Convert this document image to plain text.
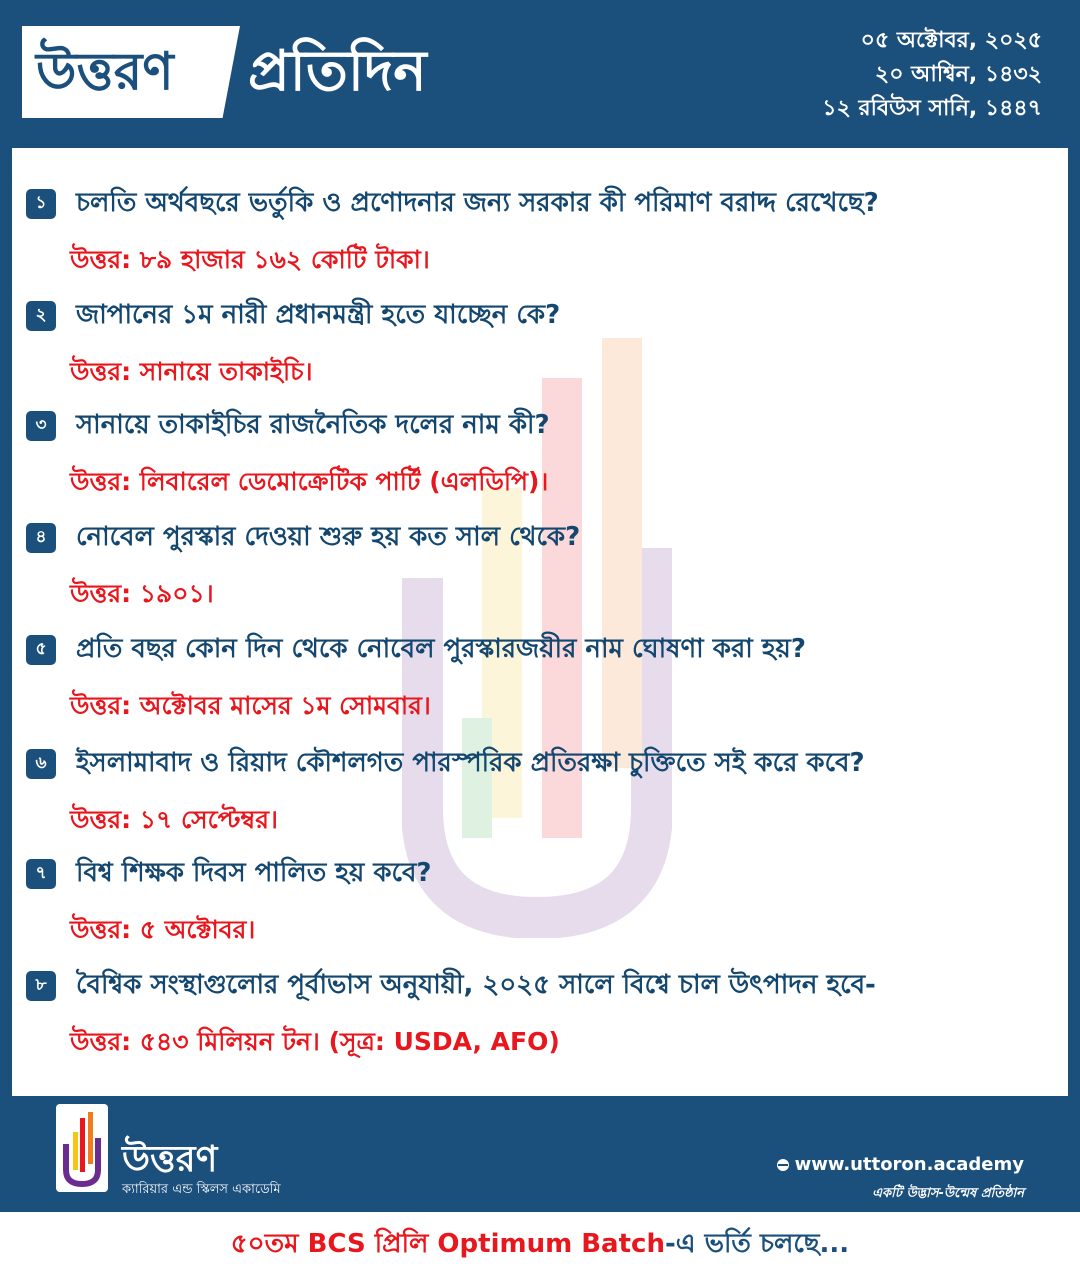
উত্তরণ প্রতিদিন	০৫ অক্টোবর, ২০২৫
২০ আশ্বিন, ১৪৩২
১২ রবিউস সানি, ১৪৪৭
১	চলতি অর্থবছরে ভর্তুকি ও প্রণোদনার জন্য সরকার কী পরিমাণ বরাদ্দ রেখেছে?
উত্তর: ৮৯ হাজার ১৬২ কোটি টাকা।
২	জাপানের ১ম নারী প্রধানমন্ত্রী হতে যাচ্ছেন কে?
উত্তর: সানায়ে তাকাইচি।
৩	সানায়ে তাকাইচির রাজনৈতিক দলের নাম কী?
উত্তর: লিবারেল ডেমোক্রেটিক পার্টি (এলডিপি)।
৪	নোবেল পুরস্কার দেওয়া শুরু হয় কত সাল থেকে?
উত্তর: ১৯০১।
৫	প্রতি বছর কোন দিন থেকে নোবেল পুরস্কারজয়ীর নাম ঘোষণা করা হয়?
উত্তর: অক্টোবর মাসের ১ম সোমবার।
৬	ইসলামাবাদ ও রিয়াদ কৌশলগত পারস্পরিক প্রতিরক্ষা চুক্তিতে সই করে কবে?
উত্তর: ১৭ সেপ্টেম্বর।
৭	বিশ্ব শিক্ষক দিবস পালিত হয় কবে?
উত্তর: ৫ অক্টোবর।
৮	বৈশ্বিক সংস্থাগুলোর পূর্বাভাস অনুযায়ী, ২০২৫ সালে বিশ্বে চাল উৎপাদন হবে-
উত্তর: ৫৪৩ মিলিয়ন টন। (সূত্র: USDA, AFO)
উত্তরণ
ক্যারিয়ার এন্ড স্কিলস একাডেমি
www.uttoron.academy
একটি উদ্ভাস-উন্মেষ প্রতিষ্ঠান
৫০তম BCS প্রিলি Optimum Batch-এ ভর্তি চলছে...
